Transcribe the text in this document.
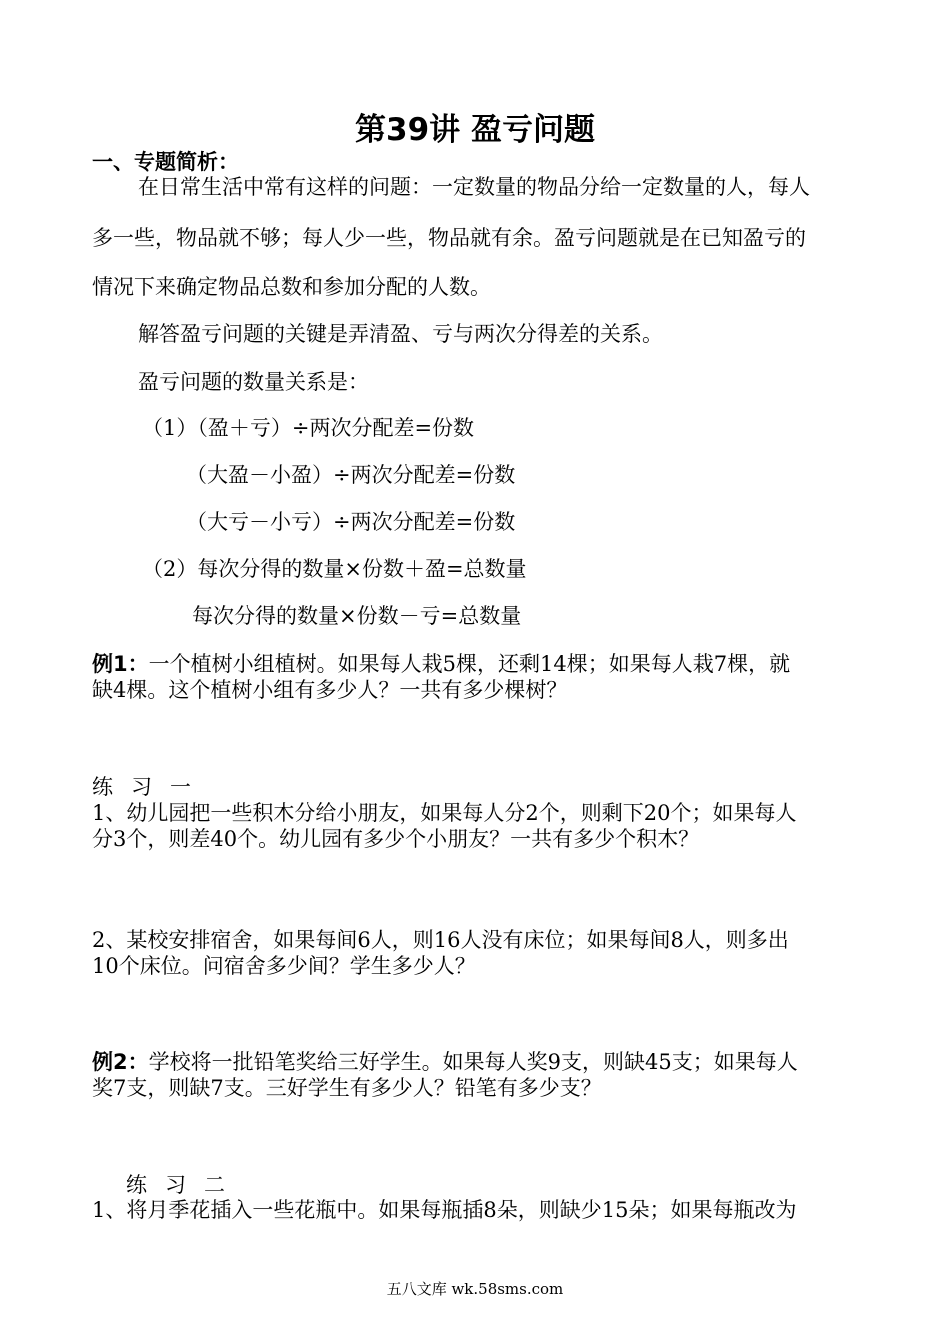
第39讲 盈亏问题
一、专题简析：
在日常生活中常有这样的问题：一定数量的物品分给一定数量的人，每人
多一些，物品就不够；每人少一些，物品就有余。盈亏问题就是在已知盈亏的
情况下来确定物品总数和参加分配的人数。
解答盈亏问题的关键是弄清盈、亏与两次分得差的关系。
盈亏问题的数量关系是：
（1）（盈＋亏）÷两次分配差=份数
（大盈－小盈）÷两次分配差=份数
（大亏－小亏）÷两次分配差=份数
（2）每次分得的数量×份数＋盈=总数量
每次分得的数量×份数－亏=总数量
例1：一个植树小组植树。如果每人栽5棵，还剩14棵；如果每人栽7棵，就
缺4棵。这个植树小组有多少人？一共有多少棵树？
练习一
1、幼儿园把一些积木分给小朋友，如果每人分2个，则剩下20个；如果每人
分3个，则差40个。幼儿园有多少个小朋友？一共有多少个积木？
2、某校安排宿舍，如果每间6人，则16人没有床位；如果每间8人，则多出
10个床位。问宿舍多少间？学生多少人？
例2：学校将一批铅笔奖给三好学生。如果每人奖9支，则缺45支；如果每人
奖7支，则缺7支。三好学生有多少人？铅笔有多少支？
练习二
1、将月季花插入一些花瓶中。如果每瓶插8朵，则缺少15朵；如果每瓶改为
五八文库 wk.58sms.com
